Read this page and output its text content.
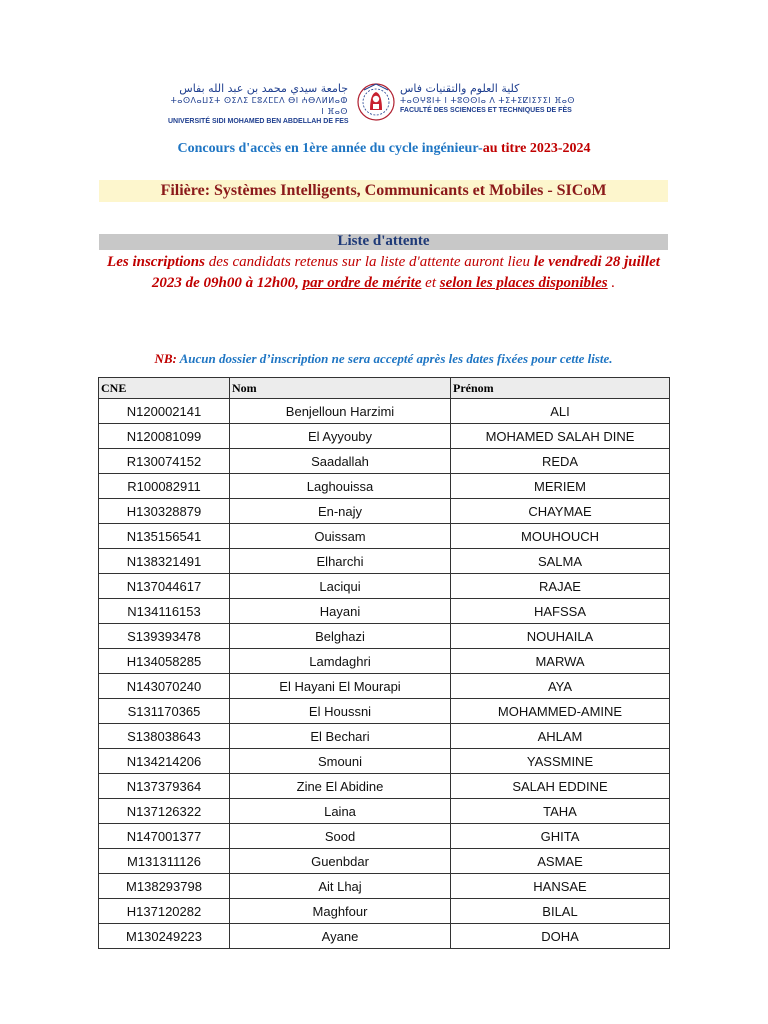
جامعة سيدي محمد بن عبد الله بفاس
ⵜⴰⵙⴷⴰⵡⵉⵜ ⵙⵉⴷⵉ ⵎⵓⵃⵎⵎⴷ ⴱⵏ ⵄⴱⴷⵍⵍⴰⵀ ⵏ ⴼⴰⵙ
UNIVERSITÉ SIDI MOHAMED BEN ABDELLAH DE FES
كلية العلوم والتقنيات فاس
ⵜⴰⵙⵖⵓⵏⵜ ⵏ ⵜⵓⵙⵙⵏⴰ ⴷ ⵜⵉⵜⵉⵇⵏⵉⵢⵉⵏ ⴼⴰⵙ
FACULTÉ DES SCIENCES ET TECHNIQUES DE FÈS
Concours d'accès en 1ère année du cycle ingénieur-au titre 2023-2024
Filière: Systèmes Intelligents, Communicants et Mobiles - SICoM
Liste d'attente
Les inscriptions des candidats retenus sur la liste d'attente auront lieu le vendredi 28 juillet 2023 de 09h00 à 12h00, par ordre de mérite et selon les places disponibles .
NB: Aucun dossier d’inscription ne sera accepté après les dates fixées pour cette liste.
CNE	Nom	Prénom
N120002141	Benjelloun Harzimi	ALI
N120081099	El Ayyouby	MOHAMED SALAH DINE
R130074152	Saadallah	REDA
R100082911	Laghouissa	MERIEM
H130328879	En-najy	CHAYMAE
N135156541	Ouissam	MOUHOUCH
N138321491	Elharchi	SALMA
N137044617	Laciqui	RAJAE
N134116153	Hayani	HAFSSA
S139393478	Belghazi	NOUHAILA
H134058285	Lamdaghri	MARWA
N143070240	El Hayani El Mourapi	AYA
S131170365	El Houssni	MOHAMMED-AMINE
S138038643	El Bechari	AHLAM
N134214206	Smouni	YASSMINE
N137379364	Zine El Abidine	SALAH EDDINE
N137126322	Laina	TAHA
N147001377	Sood	GHITA
M131311126	Guenbdar	ASMAE
M138293798	Ait Lhaj	HANSAE
H137120282	Maghfour	BILAL
M130249223	Ayane	DOHA
